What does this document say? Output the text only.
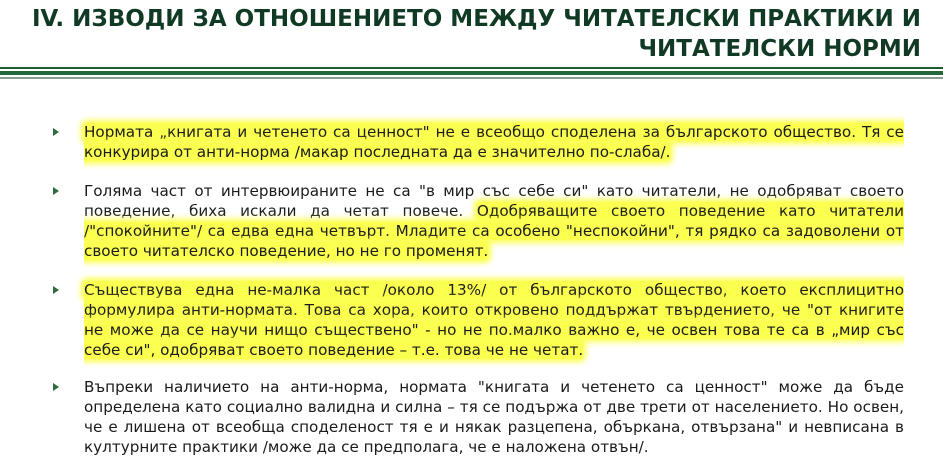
IV. ИЗВОДИ ЗА ОТНОШЕНИЕТО МЕЖДУ ЧИТАТЕЛСКИ ПРАКТИКИ И
ЧИТАТЕЛСКИ НОРМИ
Нормата „книгата и четенето са ценност" не е всеобщо споделена за българското общество. Тя се конкурира от анти-норма /макар последната да е значително по-слаба/.
Голяма част от интервюираните не са "в мир със себе си" като читатели, не одобряват своето поведение, биха искали да четат повече. Одобряващите своето поведение като читатели /"спокойните"/ са едва една четвърт. Младите са особено "неспокойни", тя рядко са задоволени от своето читателско поведение, но не го променят.
Съществува една не-малка част /около 13%/ от българското общество, което експлицитно формулира анти-нормата. Това са хора, които откровено поддържат твърдението, че "от книгите не може да се научи нищо съществено" - но не по.малко важно е, че освен това те са в „мир със себе си", одобряват своето поведение – т.е. това че не четат.
Въпреки наличието на анти-норма, нормата "книгата и четенето са ценност" може да бъде определена като социално валидна и силна – тя се подържа от две трети от населението. Но освен, че е лишена от всеобща споделеност тя е и някак разцепена, объркана, отвързана" и невписана в културните практики /може да се предполага, че е наложена отвън/.
